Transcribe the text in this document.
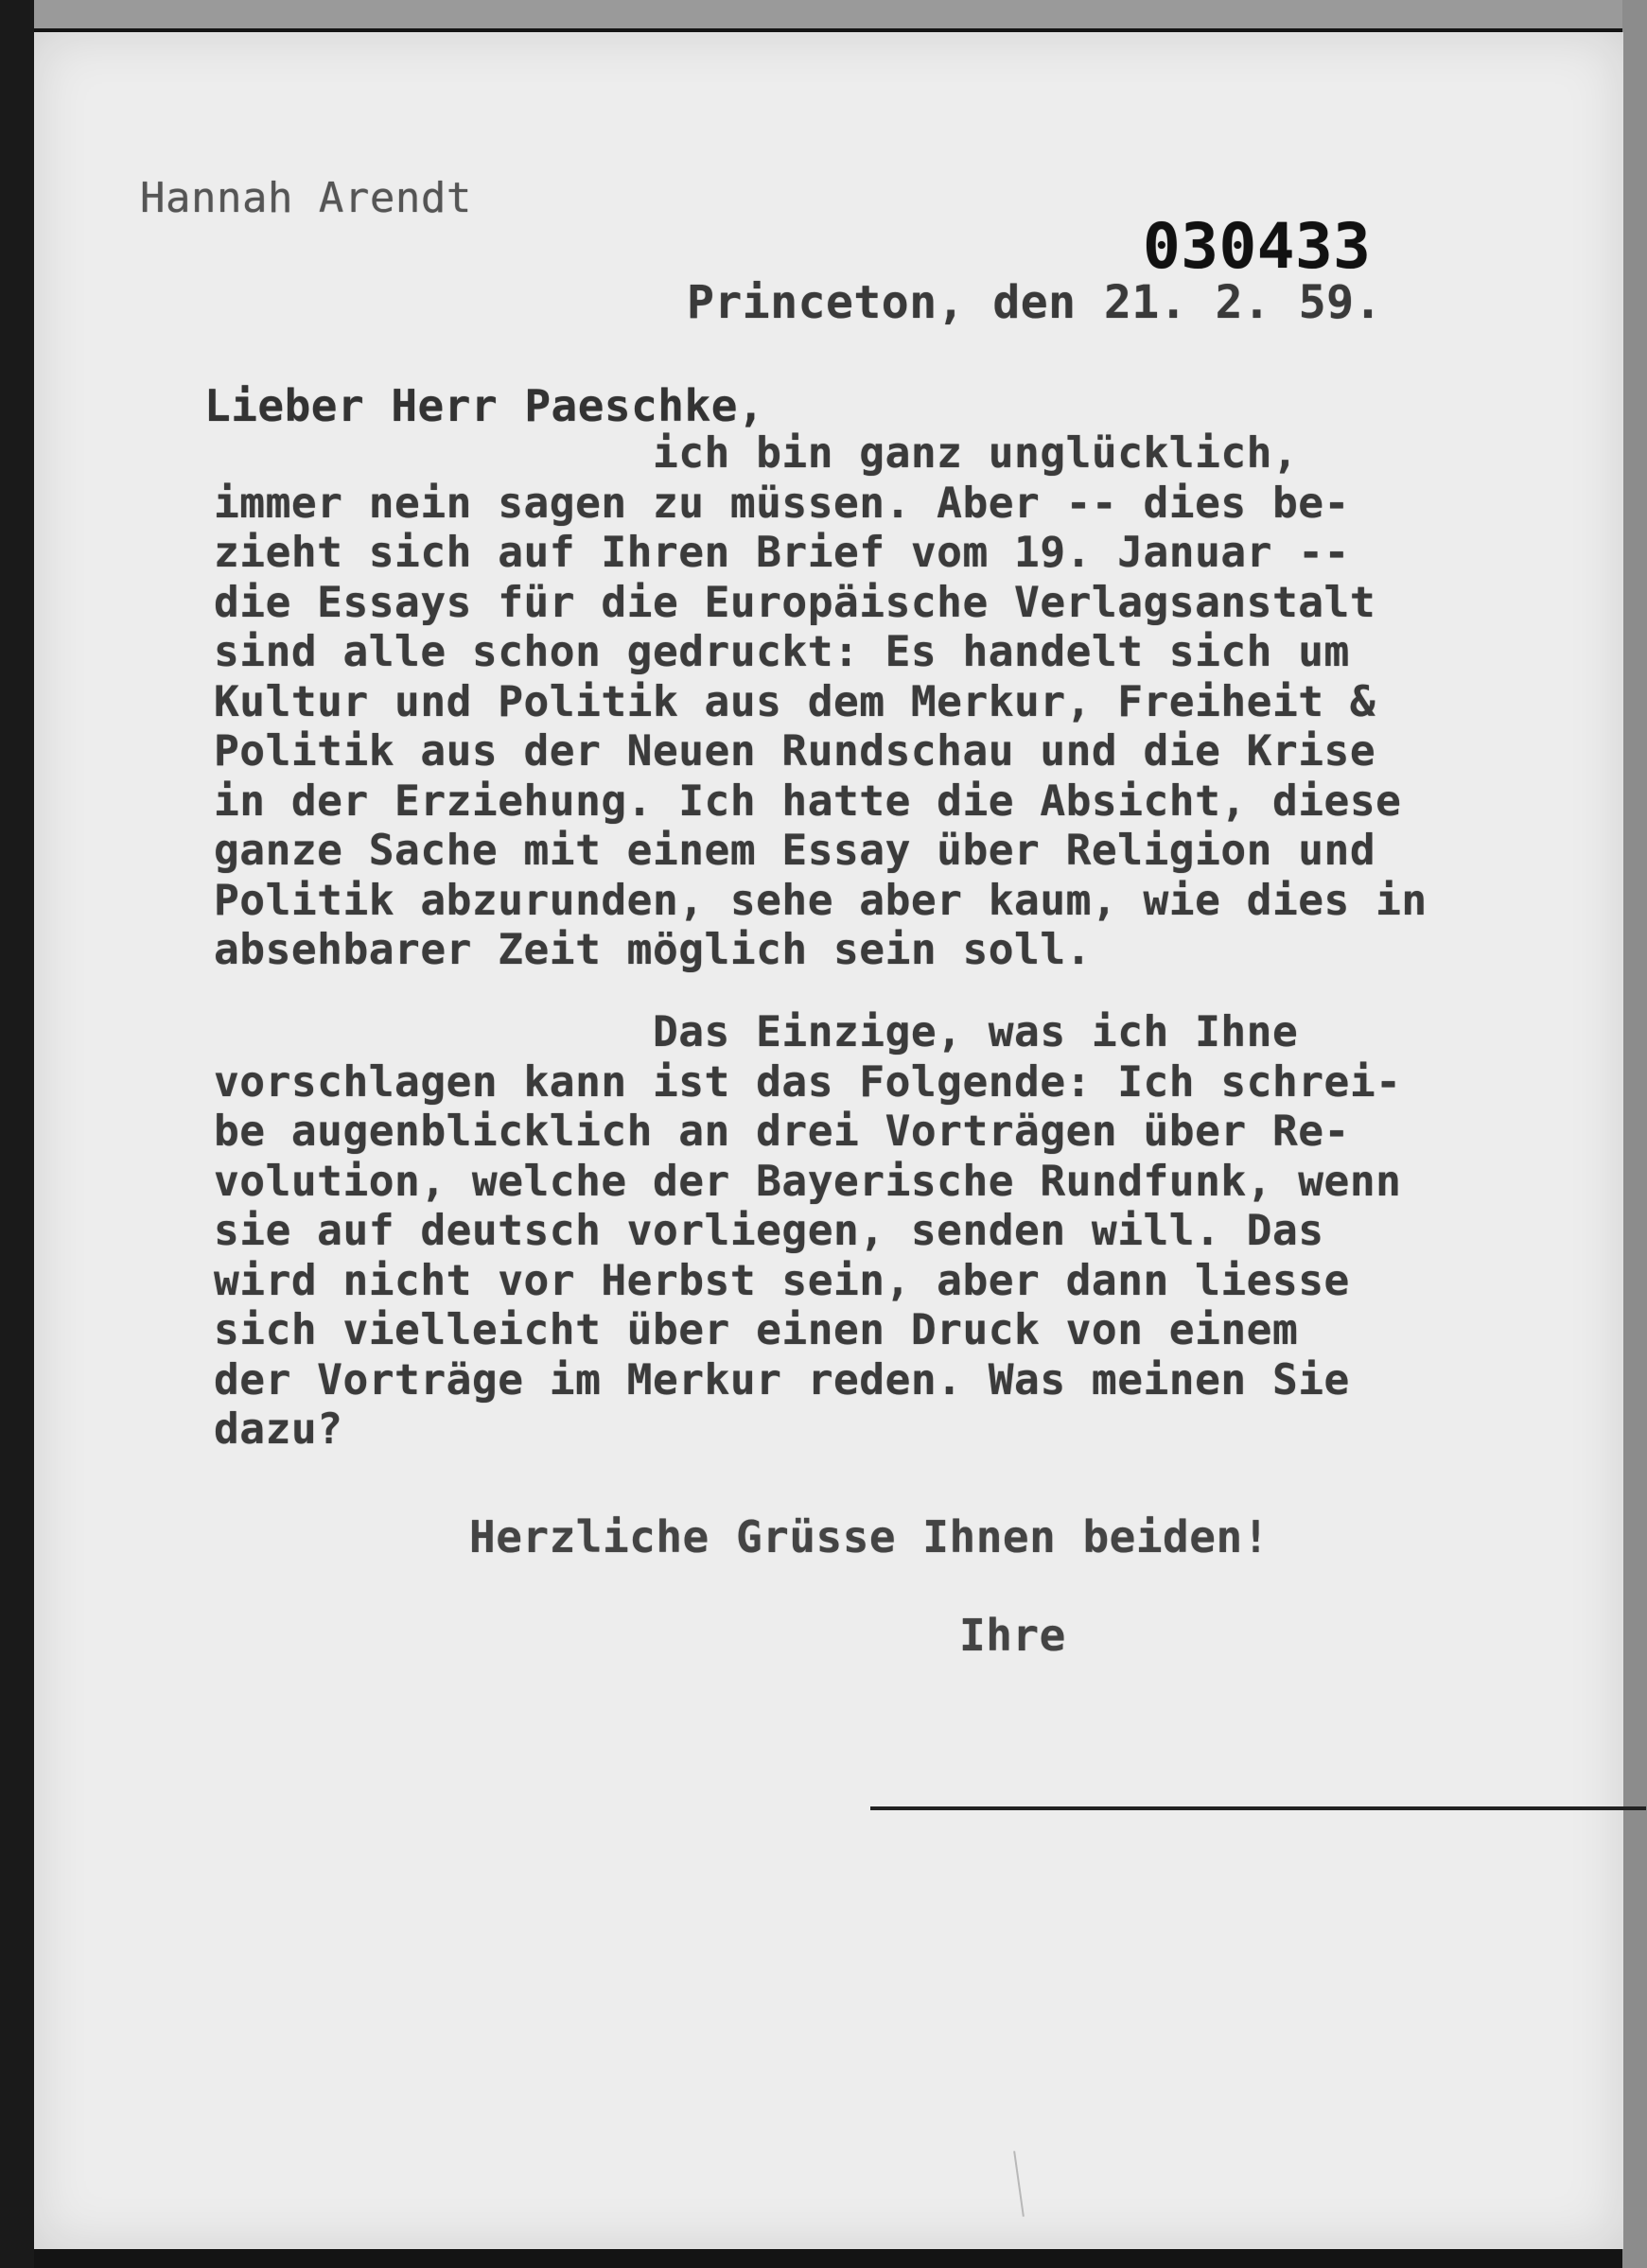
Hannah Arendt
030433
Princeton, den 21. 2. 59.
Lieber Herr Paeschke,
ich bin ganz unglücklich,
immer nein sagen zu müssen. Aber -- dies be-
zieht sich auf Ihren Brief vom 19. Januar --
die Essays für die Europäische Verlagsanstalt
sind alle schon gedruckt: Es handelt sich um
Kultur und Politik aus dem Merkur, Freiheit &
Politik aus der Neuen Rundschau und die Krise
in der Erziehung. Ich hatte die Absicht, diese
ganze Sache mit einem Essay über Religion und
Politik abzurunden, sehe aber kaum, wie dies in
absehbarer Zeit möglich sein soll.
Das Einzige, was ich Ihne
vorschlagen kann ist das Folgende: Ich schrei-
be augenblicklich an drei Vorträgen über Re-
volution, welche der Bayerische Rundfunk, wenn
sie auf deutsch vorliegen, senden will. Das
wird nicht vor Herbst sein, aber dann liesse
sich vielleicht über einen Druck von einem
der Vorträge im Merkur reden. Was meinen Sie
dazu?
Herzliche Grüsse Ihnen beiden!
Ihre
